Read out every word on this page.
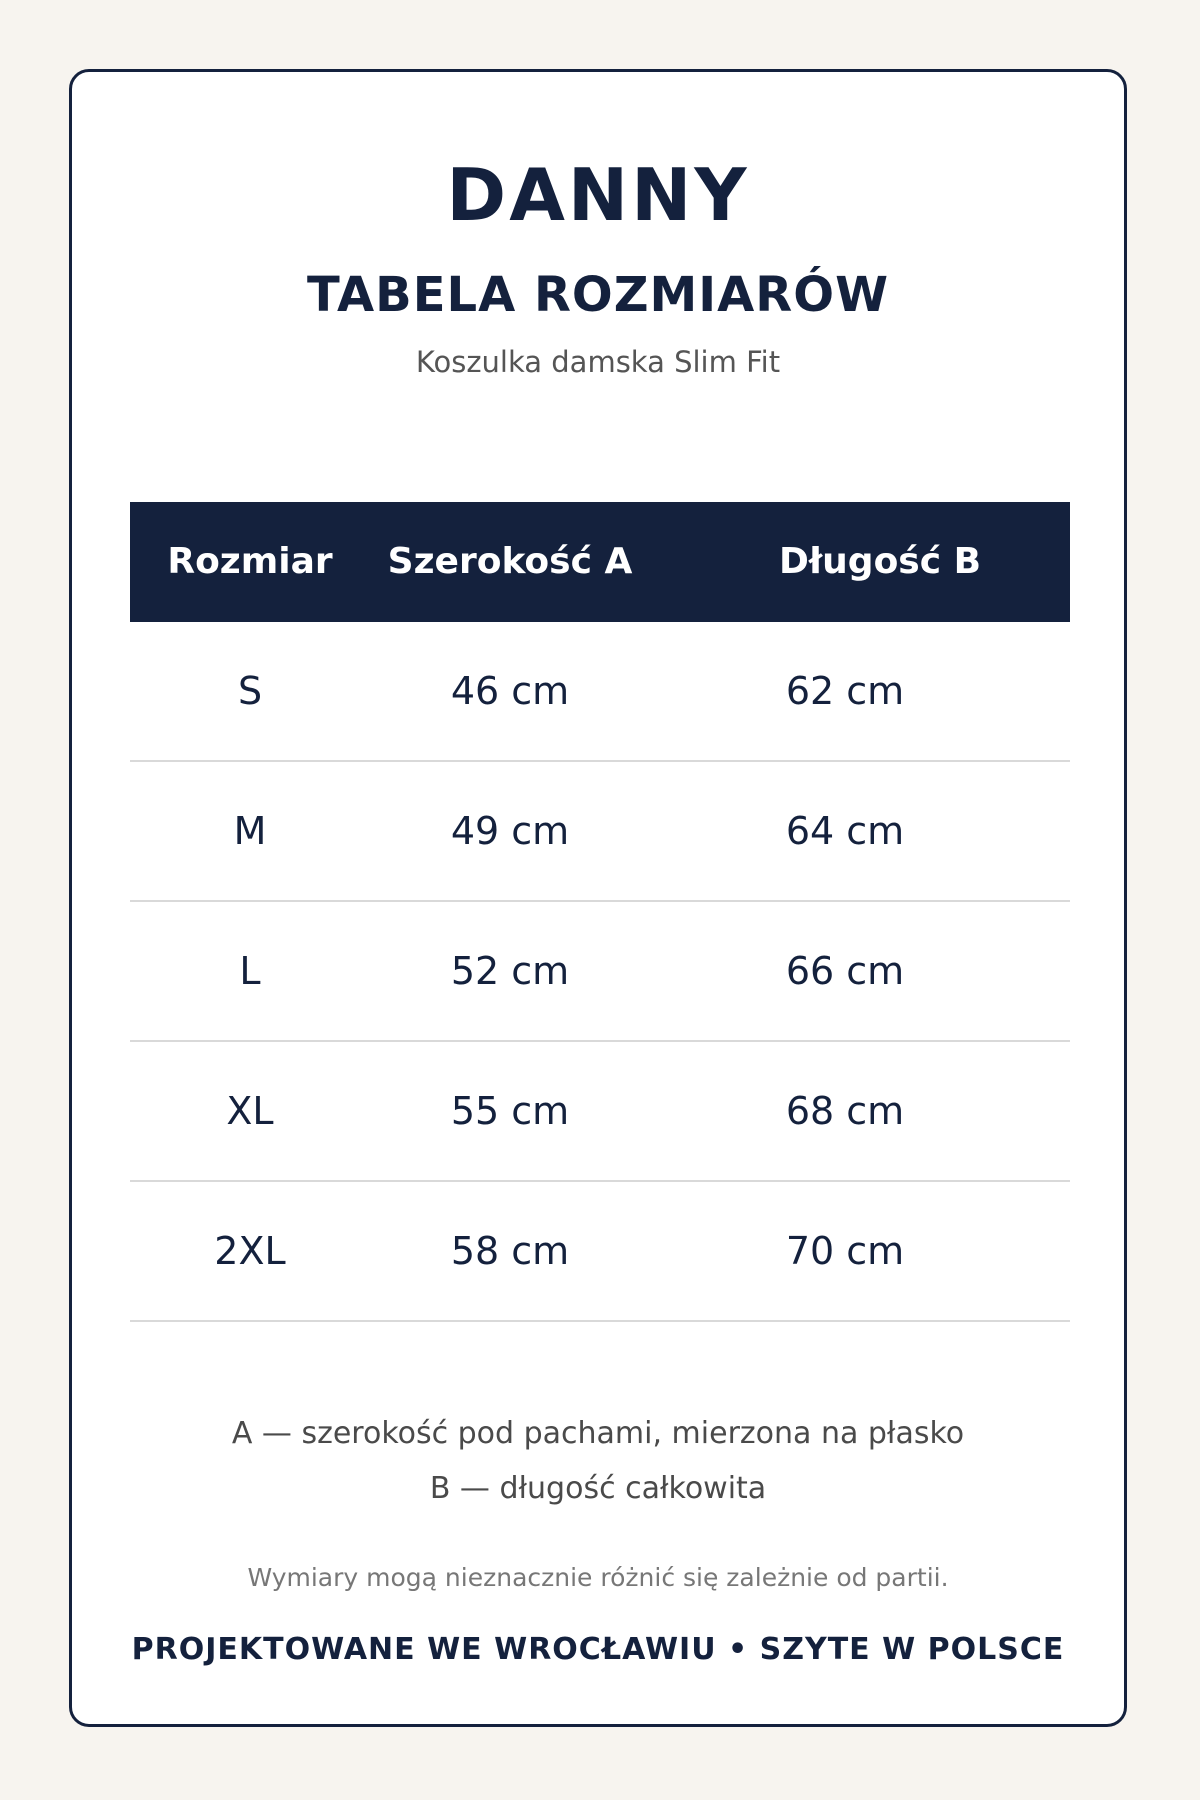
DANNY
TABELA ROZMIARÓW
Koszulka damska Slim Fit
Rozmiar	Szerokość A	Długość B
S	46 cm	62 cm
M	49 cm	64 cm
L	52 cm	66 cm
XL	55 cm	68 cm
2XL	58 cm	70 cm
A — szerokość pod pachami, mierzona na płasko
B — długość całkowita
Wymiary mogą nieznacznie różnić się zależnie od partii.
PROJEKTOWANE WE WROCŁAWIU • SZYTE W POLSCE
